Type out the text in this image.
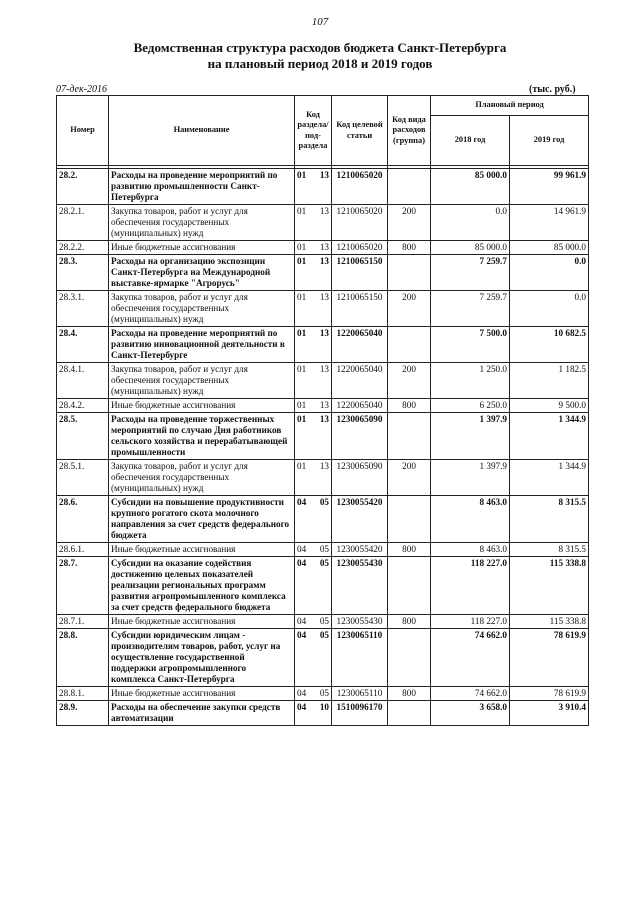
107
Ведомственная структура расходов бюджета Санкт-Петербурга
на плановый период 2018 и 2019 годов
07-дек-2016	(тыс. руб.)
Номер	Наименование	Код раздела/ под-раздела		Код целевой статьи	Код вида расходов (группа)	Плановый период	
						2018 год	2019 год

28.2.	Расходы на проведение мероприятий по развитию промышленности Санкт-Петербурга	01	13	1210065020		85 000.0	99 961.9
28.2.1.	Закупка товаров, работ и услуг для обеспечения государственных (муниципальных) нужд	01	13	1210065020	200	0.0	14 961.9
28.2.2.	Иные бюджетные ассигнования	01	13	1210065020	800	85 000.0	85 000.0
28.3.	Расходы на организацию экспозиции Санкт-Петербурга на Международной выставке-ярмарке "Агрорусь"	01	13	1210065150		7 259.7	0.0
28.3.1.	Закупка товаров, работ и услуг для обеспечения государственных (муниципальных) нужд	01	13	1210065150	200	7 259.7	0.0
28.4.	Расходы на проведение мероприятий по развитию инновационной деятельности в Санкт-Петербурге	01	13	1220065040		7 500.0	10 682.5
28.4.1.	Закупка товаров, работ и услуг для обеспечения государственных (муниципальных) нужд	01	13	1220065040	200	1 250.0	1 182.5
28.4.2.	Иные бюджетные ассигнования	01	13	1220065040	800	6 250.0	9 500.0
28.5.	Расходы на проведение торжественных мероприятий по случаю Дня работников сельского хозяйства и перерабатывающей промышленности	01	13	1230065090		1 397.9	1 344.9
28.5.1.	Закупка товаров, работ и услуг для обеспечения государственных (муниципальных) нужд	01	13	1230065090	200	1 397.9	1 344.9
28.6.	Субсидии на повышение продуктивности крупного рогатого скота молочного направления за счет средств федерального бюджета	04	05	1230055420		8 463.0	8 315.5
28.6.1.	Иные бюджетные ассигнования	04	05	1230055420	800	8 463.0	8 315.5
28.7.	Субсидии на оказание содействия достижению целевых показателей реализации региональных программ развития агропромышленного комплекса за счет средств федерального бюджета	04	05	1230055430		118 227.0	115 338.8
28.7.1.	Иные бюджетные ассигнования	04	05	1230055430	800	118 227.0	115 338.8
28.8.	Субсидии юридическим лицам - производителям товаров, работ, услуг на осуществление государственной поддержки агропромышленного комплекса Санкт-Петербурга	04	05	1230065110		74 662.0	78 619.9
28.8.1.	Иные бюджетные ассигнования	04	05	1230065110	800	74 662.0	78 619.9
28.9.	Расходы на обеспечение закупки средств автоматизации	04	10	1510096170		3 658.0	3 910.4
